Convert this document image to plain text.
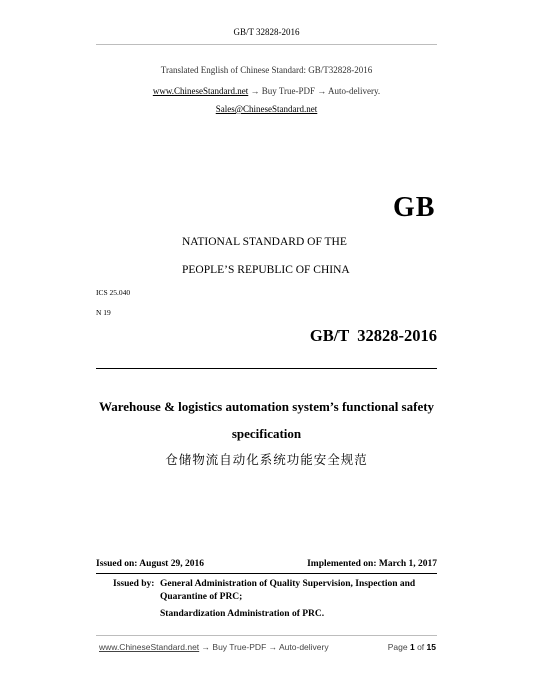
GB/T 32828-2016
Translated English of Chinese Standard: GB/T32828-2016
www.ChineseStandard.net → Buy True-PDF → Auto-delivery.
Sales@ChineseStandard.net
GB
NATIONAL STANDARD OF THE
PEOPLE’S REPUBLIC OF CHINA
ICS 25.040
N 19
GB/T  32828-2016
Warehouse & logistics automation system’s functional safety
specification
仓储物流自动化系统功能安全规范
Issued on: August 29, 2016	Implemented on: March 1, 2017
Issued by: General Administration of Quality Supervision, Inspection and
Quarantine of PRC;
Standardization Administration of PRC.
www.ChineseStandard.net → Buy True-PDF → Auto-delivery	Page 1 of 15
